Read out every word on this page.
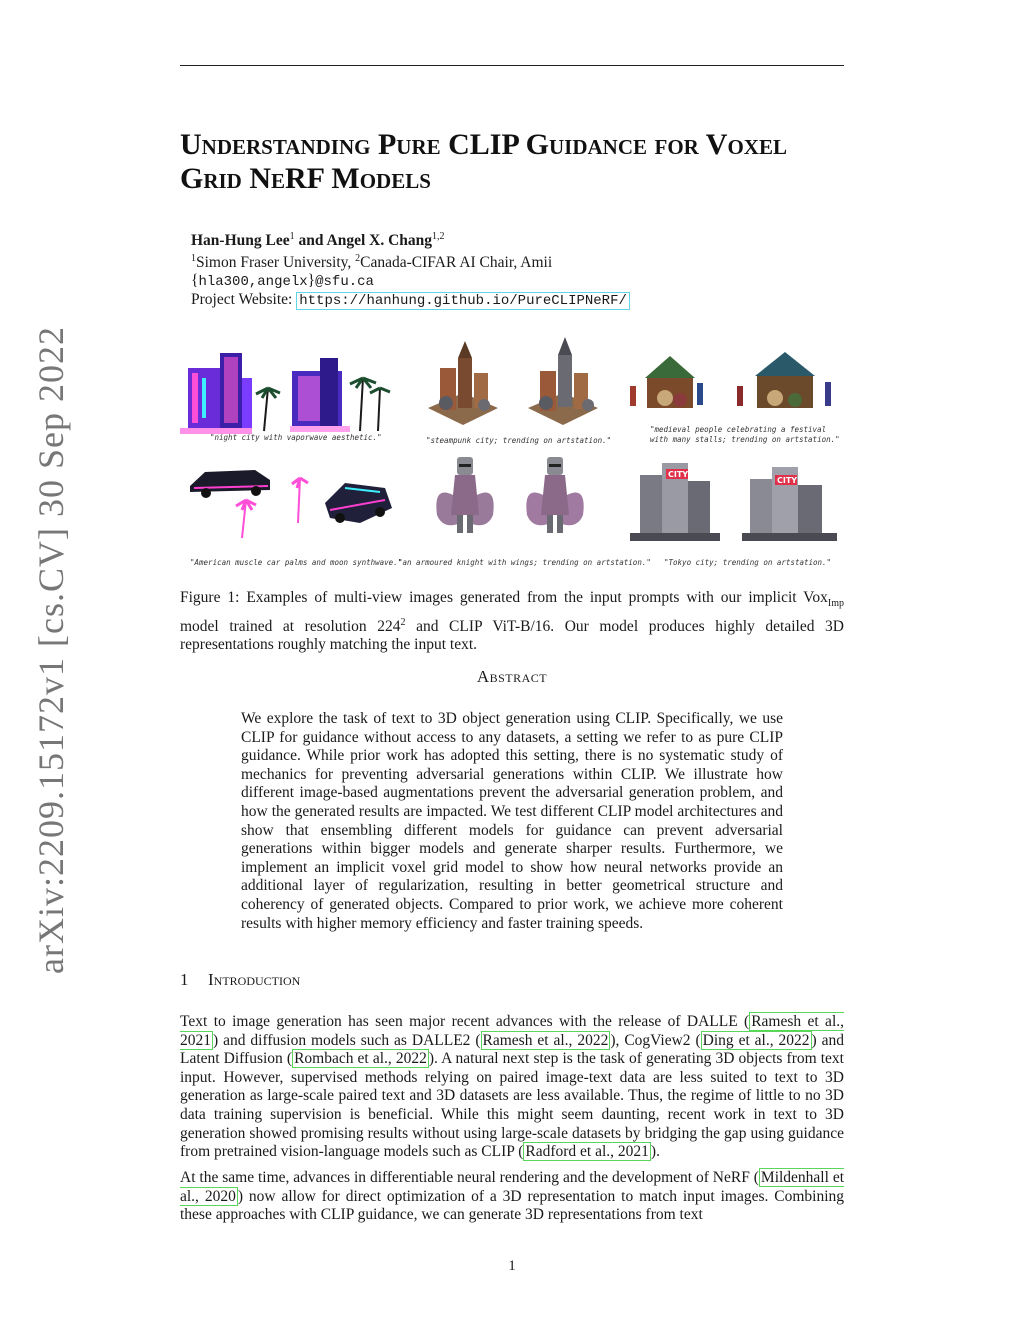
arXiv:2209.15172v1 [cs.CV] 30 Sep 2022
Understanding Pure CLIP Guidance for Voxel Grid NeRF Models
Han-Hung Lee$^1$ and Angel X. Chang$^{1,2}$
$^1$Simon Fraser University, $^2$Canada-CIFAR AI Chair, Amii
{hla300,angelx}@sfu.ca
Project Website: https://hanhung.github.io/PureCLIPNeRF/
"night city with vaporwave aesthetic."	"steampunk city; trending on artstation."
"medieval people celebrating a festival
with many stalls; trending on artstation."
"American muscle car palms and moon synthwave."
"an armoured knight with wings; trending on artstation."
CITY
CITY
"Tokyo city; trending on artstation."
Figure 1: Examples of multi-view images generated from the input prompts with our implicit Vox$_{Imp}$ model trained at resolution $224^2$ and CLIP ViT-B/16. Our model produces highly detailed 3D representations roughly matching the input text.
Abstract

We explore the task of text to 3D object generation using CLIP. Specifically, we use CLIP for guidance without access to any datasets, a setting we refer to as pure CLIP guidance. While prior work has adopted this setting, there is no systematic study of mechanics for preventing adversarial generations within CLIP. We illustrate how different image-based augmentations prevent the adversarial generation problem, and how the generated results are impacted. We test different CLIP model architectures and show that ensembling different models for guidance can prevent adversarial generations within bigger models and generate sharper results. Furthermore, we implement an implicit voxel grid model to show how neural networks provide an additional layer of regularization, resulting in better geometrical structure and coherency of generated objects. Compared to prior work, we achieve more coherent results with higher memory efficiency and faster training speeds.

1 Introduction

Text to image generation has seen major recent advances with the release of DALLE ( Ramesh et al., 2021 ) and diffusion models such as DALLE2 ( Ramesh et al., 2022 ), CogView2 ( Ding et al., 2022 ) and Latent Diffusion ( Rombach et al., 2022 ). A natural next step is the task of generating 3D objects from text input. However, supervised methods relying on paired image-text data are less suited to text to 3D generation as large-scale paired text and 3D datasets are less available. Thus, the regime of little to no 3D data training supervision is beneficial. While this might seem daunting, recent work in text to 3D generation showed promising results without using large-scale datasets by bridging the gap using guidance from pretrained vision-language models such as CLIP ( Radford et al., 2021 ).

At the same time, advances in differentiable neural rendering and the development of NeRF ( Mildenhall et al., 2020 ) now allow for direct optimization of a 3D representation to match input images. Combining these approaches with CLIP guidance, we can generate 3D representations from text

1
